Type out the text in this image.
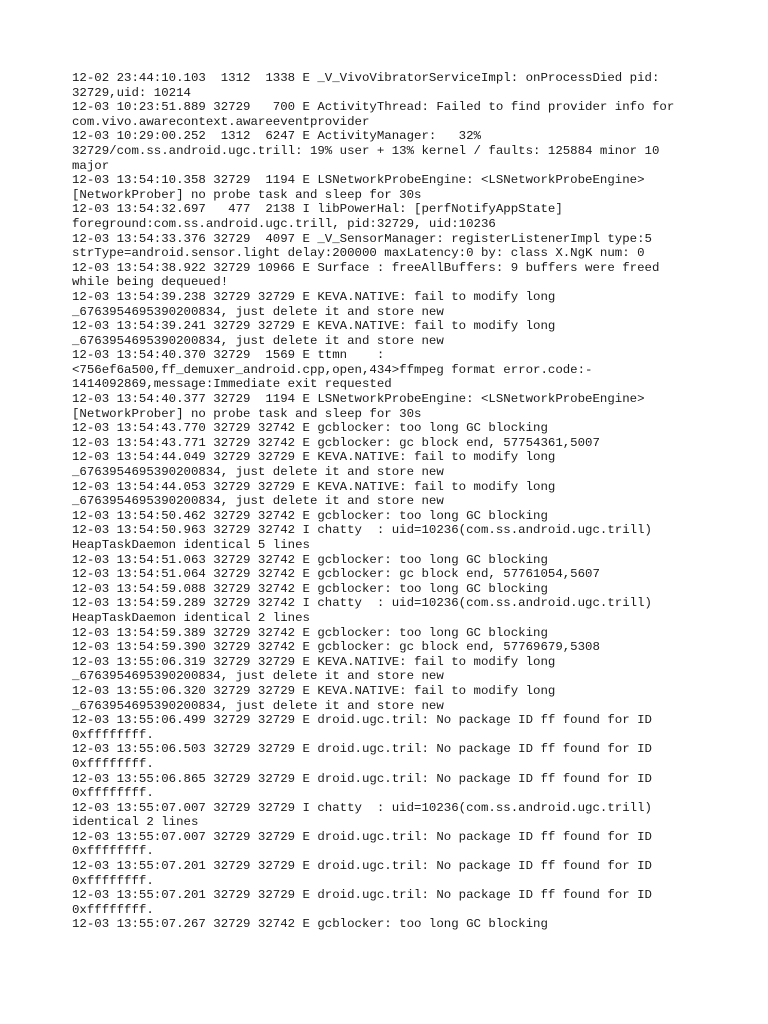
12-02 23:44:10.103  1312  1338 E _V_VivoVibratorServiceImpl: onProcessDied pid:

32729,uid: 10214

12-03 10:23:51.889 32729   700 E ActivityThread: Failed to find provider info for

com.vivo.awarecontext.awareeventprovider

12-03 10:29:00.252  1312  6247 E ActivityManager:   32%

32729/com.ss.android.ugc.trill: 19% user + 13% kernel / faults: 125884 minor 10

major

12-03 13:54:10.358 32729  1194 E LSNetworkProbeEngine: <LSNetworkProbeEngine>

[NetworkProber] no probe task and sleep for 30s

12-03 13:54:32.697   477  2138 I libPowerHal: [perfNotifyAppState]

foreground:com.ss.android.ugc.trill, pid:32729, uid:10236

12-03 13:54:33.376 32729  4097 E _V_SensorManager: registerListenerImpl type:5

strType=android.sensor.light delay:200000 maxLatency:0 by: class X.NgK num: 0

12-03 13:54:38.922 32729 10966 E Surface : freeAllBuffers: 9 buffers were freed

while being dequeued!

12-03 13:54:39.238 32729 32729 E KEVA.NATIVE: fail to modify long

_6763954695390200834, just delete it and store new

12-03 13:54:39.241 32729 32729 E KEVA.NATIVE: fail to modify long

_6763954695390200834, just delete it and store new

12-03 13:54:40.370 32729  1569 E ttmn    :

<756ef6a500,ff_demuxer_android.cpp,open,434>ffmpeg format error.code:-

1414092869,message:Immediate exit requested

12-03 13:54:40.377 32729  1194 E LSNetworkProbeEngine: <LSNetworkProbeEngine>

[NetworkProber] no probe task and sleep for 30s

12-03 13:54:43.770 32729 32742 E gcblocker: too long GC blocking

12-03 13:54:43.771 32729 32742 E gcblocker: gc block end, 57754361,5007

12-03 13:54:44.049 32729 32729 E KEVA.NATIVE: fail to modify long

_6763954695390200834, just delete it and store new

12-03 13:54:44.053 32729 32729 E KEVA.NATIVE: fail to modify long

_6763954695390200834, just delete it and store new

12-03 13:54:50.462 32729 32742 E gcblocker: too long GC blocking

12-03 13:54:50.963 32729 32742 I chatty  : uid=10236(com.ss.android.ugc.trill)

HeapTaskDaemon identical 5 lines

12-03 13:54:51.063 32729 32742 E gcblocker: too long GC blocking

12-03 13:54:51.064 32729 32742 E gcblocker: gc block end, 57761054,5607

12-03 13:54:59.088 32729 32742 E gcblocker: too long GC blocking

12-03 13:54:59.289 32729 32742 I chatty  : uid=10236(com.ss.android.ugc.trill)

HeapTaskDaemon identical 2 lines

12-03 13:54:59.389 32729 32742 E gcblocker: too long GC blocking

12-03 13:54:59.390 32729 32742 E gcblocker: gc block end, 57769679,5308

12-03 13:55:06.319 32729 32729 E KEVA.NATIVE: fail to modify long

_6763954695390200834, just delete it and store new

12-03 13:55:06.320 32729 32729 E KEVA.NATIVE: fail to modify long

_6763954695390200834, just delete it and store new

12-03 13:55:06.499 32729 32729 E droid.ugc.tril: No package ID ff found for ID

0xffffffff.

12-03 13:55:06.503 32729 32729 E droid.ugc.tril: No package ID ff found for ID

0xffffffff.

12-03 13:55:06.865 32729 32729 E droid.ugc.tril: No package ID ff found for ID

0xffffffff.

12-03 13:55:07.007 32729 32729 I chatty  : uid=10236(com.ss.android.ugc.trill)

identical 2 lines

12-03 13:55:07.007 32729 32729 E droid.ugc.tril: No package ID ff found for ID

0xffffffff.

12-03 13:55:07.201 32729 32729 E droid.ugc.tril: No package ID ff found for ID

0xffffffff.

12-03 13:55:07.201 32729 32729 E droid.ugc.tril: No package ID ff found for ID

0xffffffff.

12-03 13:55:07.267 32729 32742 E gcblocker: too long GC blocking
